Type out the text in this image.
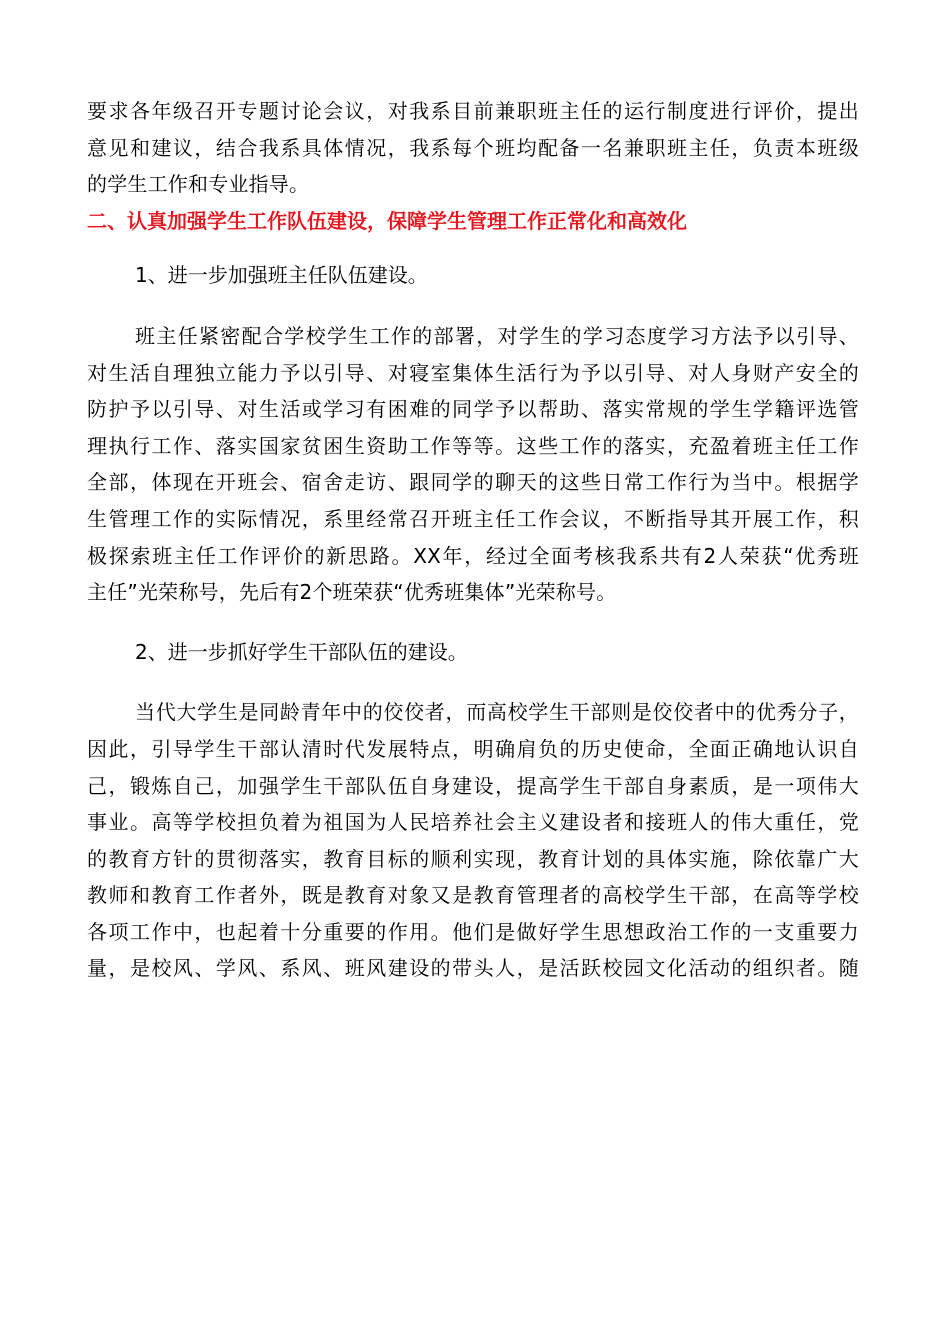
要求各年级召开专题讨论会议，对我系目前兼职班主任的运行制度进行评价，提出
意见和建议，结合我系具体情况，我系每个班均配备一名兼职班主任，负责本班级
的学生工作和专业指导。

二、认真加强学生工作队伍建设，保障学生管理工作正常化和高效化

1、进一步加强班主任队伍建设。

班主任紧密配合学校学生工作的部署，对学生的学习态度学习方法予以引导、
对生活自理独立能力予以引导、对寝室集体生活行为予以引导、对人身财产安全的
防护予以引导、对生活或学习有困难的同学予以帮助、落实常规的学生学籍评选管
理执行工作、落实国家贫困生资助工作等等。这些工作的落实，充盈着班主任工作
全部，体现在开班会、宿舍走访、跟同学的聊天的这些日常工作行为当中。根据学
生管理工作的实际情况，系里经常召开班主任工作会议，不断指导其开展工作，积
极探索班主任工作评价的新思路。XX年，经过全面考核我系共有2人荣获“优秀班
主任”光荣称号，先后有2个班荣获“优秀班集体”光荣称号。

2、进一步抓好学生干部队伍的建设。

当代大学生是同龄青年中的佼佼者，而高校学生干部则是佼佼者中的优秀分子，
因此，引导学生干部认清时代发展特点，明确肩负的历史使命，全面正确地认识自
己，锻炼自己，加强学生干部队伍自身建设，提高学生干部自身素质，是一项伟大
事业。高等学校担负着为祖国为人民培养社会主义建设者和接班人的伟大重任，党
的教育方针的贯彻落实，教育目标的顺利实现，教育计划的具体实施，除依靠广大
教师和教育工作者外，既是教育对象又是教育管理者的高校学生干部，在高等学校
各项工作中，也起着十分重要的作用。他们是做好学生思想政治工作的一支重要力
量，是校风、学风、系风、班风建设的带头人，是活跃校园文化活动的组织者。随
